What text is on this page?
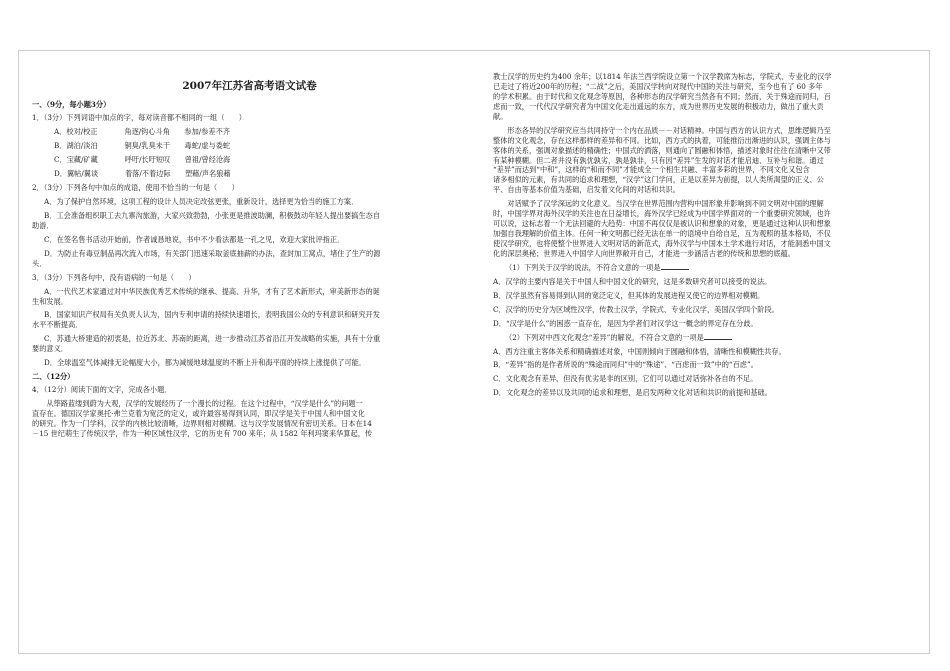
2007年江苏省高考语文试卷
一、（9分，每小题3分）
1．（3分）下列词语中加点的字，每对读音都不相同的一组（　　）
A． 校对/校正	角逐/钩心斗角	参加/参差不齐
B． 湖泊/淡泊	铜臭/乳臭未干	毒蛇/虚与委蛇
C． 宝藏/矿藏	呼吁/长吁短叹	曾祖/曾经沧海
D． 翼帖/翼谈	着落/不着边际	塑藉/声名狼藉
2．（3分）下列各句中加点的成语，使用不恰当的一句是（　　）
A．为了保护自然环境，这项工程的设计人员决定改弦更张，重新设计，选择更为恰当的施工方案．
B．工会准备组织职工去九寨沟旅游，大家兴致勃勃，小张更是推波助澜，积极鼓动年轻人提出要搞生态自
助游．
C．在签名售书活动开始前，作者诚恳地说，书中不少看法都是一孔之见，欢迎大家批评指正．
D．为防止有毒豆制品再次流入市场，有关部门迅速采取釜底抽薪的办法，查封加工窝点，堵住了生产的源
头．
3．（3分）下列各句中，没有语病的一句是（　　）
A．一代代艺术家通过对中华民族优秀艺术传统的继承、提高、升华，才有了艺术新形式，审美新形态的诞
生和发展．
B．国家知识产权局有关负责人认为，国内专利申请的持续快速增长，表明我国公众的专利意识和研究开发
水平不断提高．
C．苏通大桥建造的初衷是，拉近苏北、苏南的距离，进一步推动江苏省沿江开发战略的实施，具有十分重
要的意义．
D．全球温室气体减排无论幅度大小，都为减缓地球温度的不断上升和海平面的持续上涨提供了可能．
二、（12分）
4．（12分）阅读下面的文字，完成各小题．
从筚路蓝缕到蔚为大观，汉学的发展经历了一个漫长的过程。在这个过程中，“汉学是什么”的问题一
直存在。德国汉学家奥托·弗兰克着为宽泛的定义，或许最容易得到认同，即汉学是关于中国人和中国文化
的研究。作为一门学科，汉学的内核比较清晰，边界则相对模糊。这与汉学发展情况有密切关系。日本在14
－15 世纪萌生了传统汉学，作为一种区域性汉学，它的历史有 700 来年；从 1582 年利玛窦来华算起，传
教士汉学的历史约为400 余年；以1814 年法兰西学院设立第一个汉学教席为标志，学院式、专业化的汉学
已走过了将近200年的历程；“二战”之后，美国汉学转向对现代中国的关注与研究，至今也有了 60 多年
的学术积累。由于时代和文化观念等原因，各种形态的汉学研究当然各有不同；然而，关于殊途而同归，百
虑而一致，一代代汉学研究者为中国文化走出遥远的东方，成为世界历史发展的积极动力，做出了重大贡
献。
形态各异的汉学研究应当共同持守一个内在品质－－对话精神。中国与西方的认识方式，思维逻辑乃至
整体的文化观念，存在这样那样的差异和不同。比如，西方式的执着，可能推衍出渐进的认识，强调主体与
客体的关系，强调对象描述的精确性；中国式的洒落，则通向了圆融和体悟，描述对象时往往在清晰中又带
有某种模糊。但二者并没有孰优孰劣，孰是孰非，只有因“差异”生发的对话才能启迪、互补与和谐。通过
“差异”而达到“中和”，这样的“和而不同”才能成全一个相生共融、丰富多彩的世界，不同文化又包含
诸多相似的元素，有共同的追求和理想，“汉学”这门学问，正是以差异为前提，以人类所渴望的正义、公
平、自由等基本价值为基础，启发着文化间的对话和共识。
对话赋予了汉学深远的文化意义。当汉学在世界范围内营构中国形象并影响到不同文明对中国的理解
时，中国学界对海外汉学的关注也在日益增长，海外汉学已经成为中国学界面对的一个重要研究领域，也许
可以说，这标志着一个无法回避的大趋势：中国不再仅仅是被认识和想象的对象，更是通过这种认识和想象
加强自我理解的价值主体。任何一种文明都已经无法在单一的语境中自给自足，互为观照的基本格局，不仅
使汉学研究，也将使整个世界进入文明对话的新范式，海外汉学与中国本土学术進行对话，才能洞悉中国文
化的深层奥秘；世界进入中国学人向世界敞开自己，才能进一步涵活古老的传统和思想的底蕴。
（1）下列关于汉学的说法，不符合文意的一项是
A．汉学的主要内容是关于中国人和中国文化的研究，这是多数研究者可以接受的说法。
B．汉学虽然有容易得到认同的宽泛定义，但其体的发展进程又使它的边界相对模糊。
C．汉学的历史分为区域性汉学，传教士汉学，学院式、专业化汉学，美国汉学四个阶段。
D．“汉学是什么”的困惑一直存在，是因为学者们对汉学这一概念的界定存在分歧。
（2）下列对中西文化观念“差异”的解说，不符合文意的一项是
A．西方注重主客体关系和精确描述对象，中国则倾向于圆融和体悟，清晰性和模糊性共存。
B．“差异”指的是作者所说的“殊途而同归”中的“殊途”、“百虑而一致”中的“百虑”。
C．文化观念有差异，但没有优劣是非的区别，它们可以通过对话弥补各自的不足。
D．文化观念的差异以及共同的追求和理想，是启发两种文化对话和共识的前提和基础。
